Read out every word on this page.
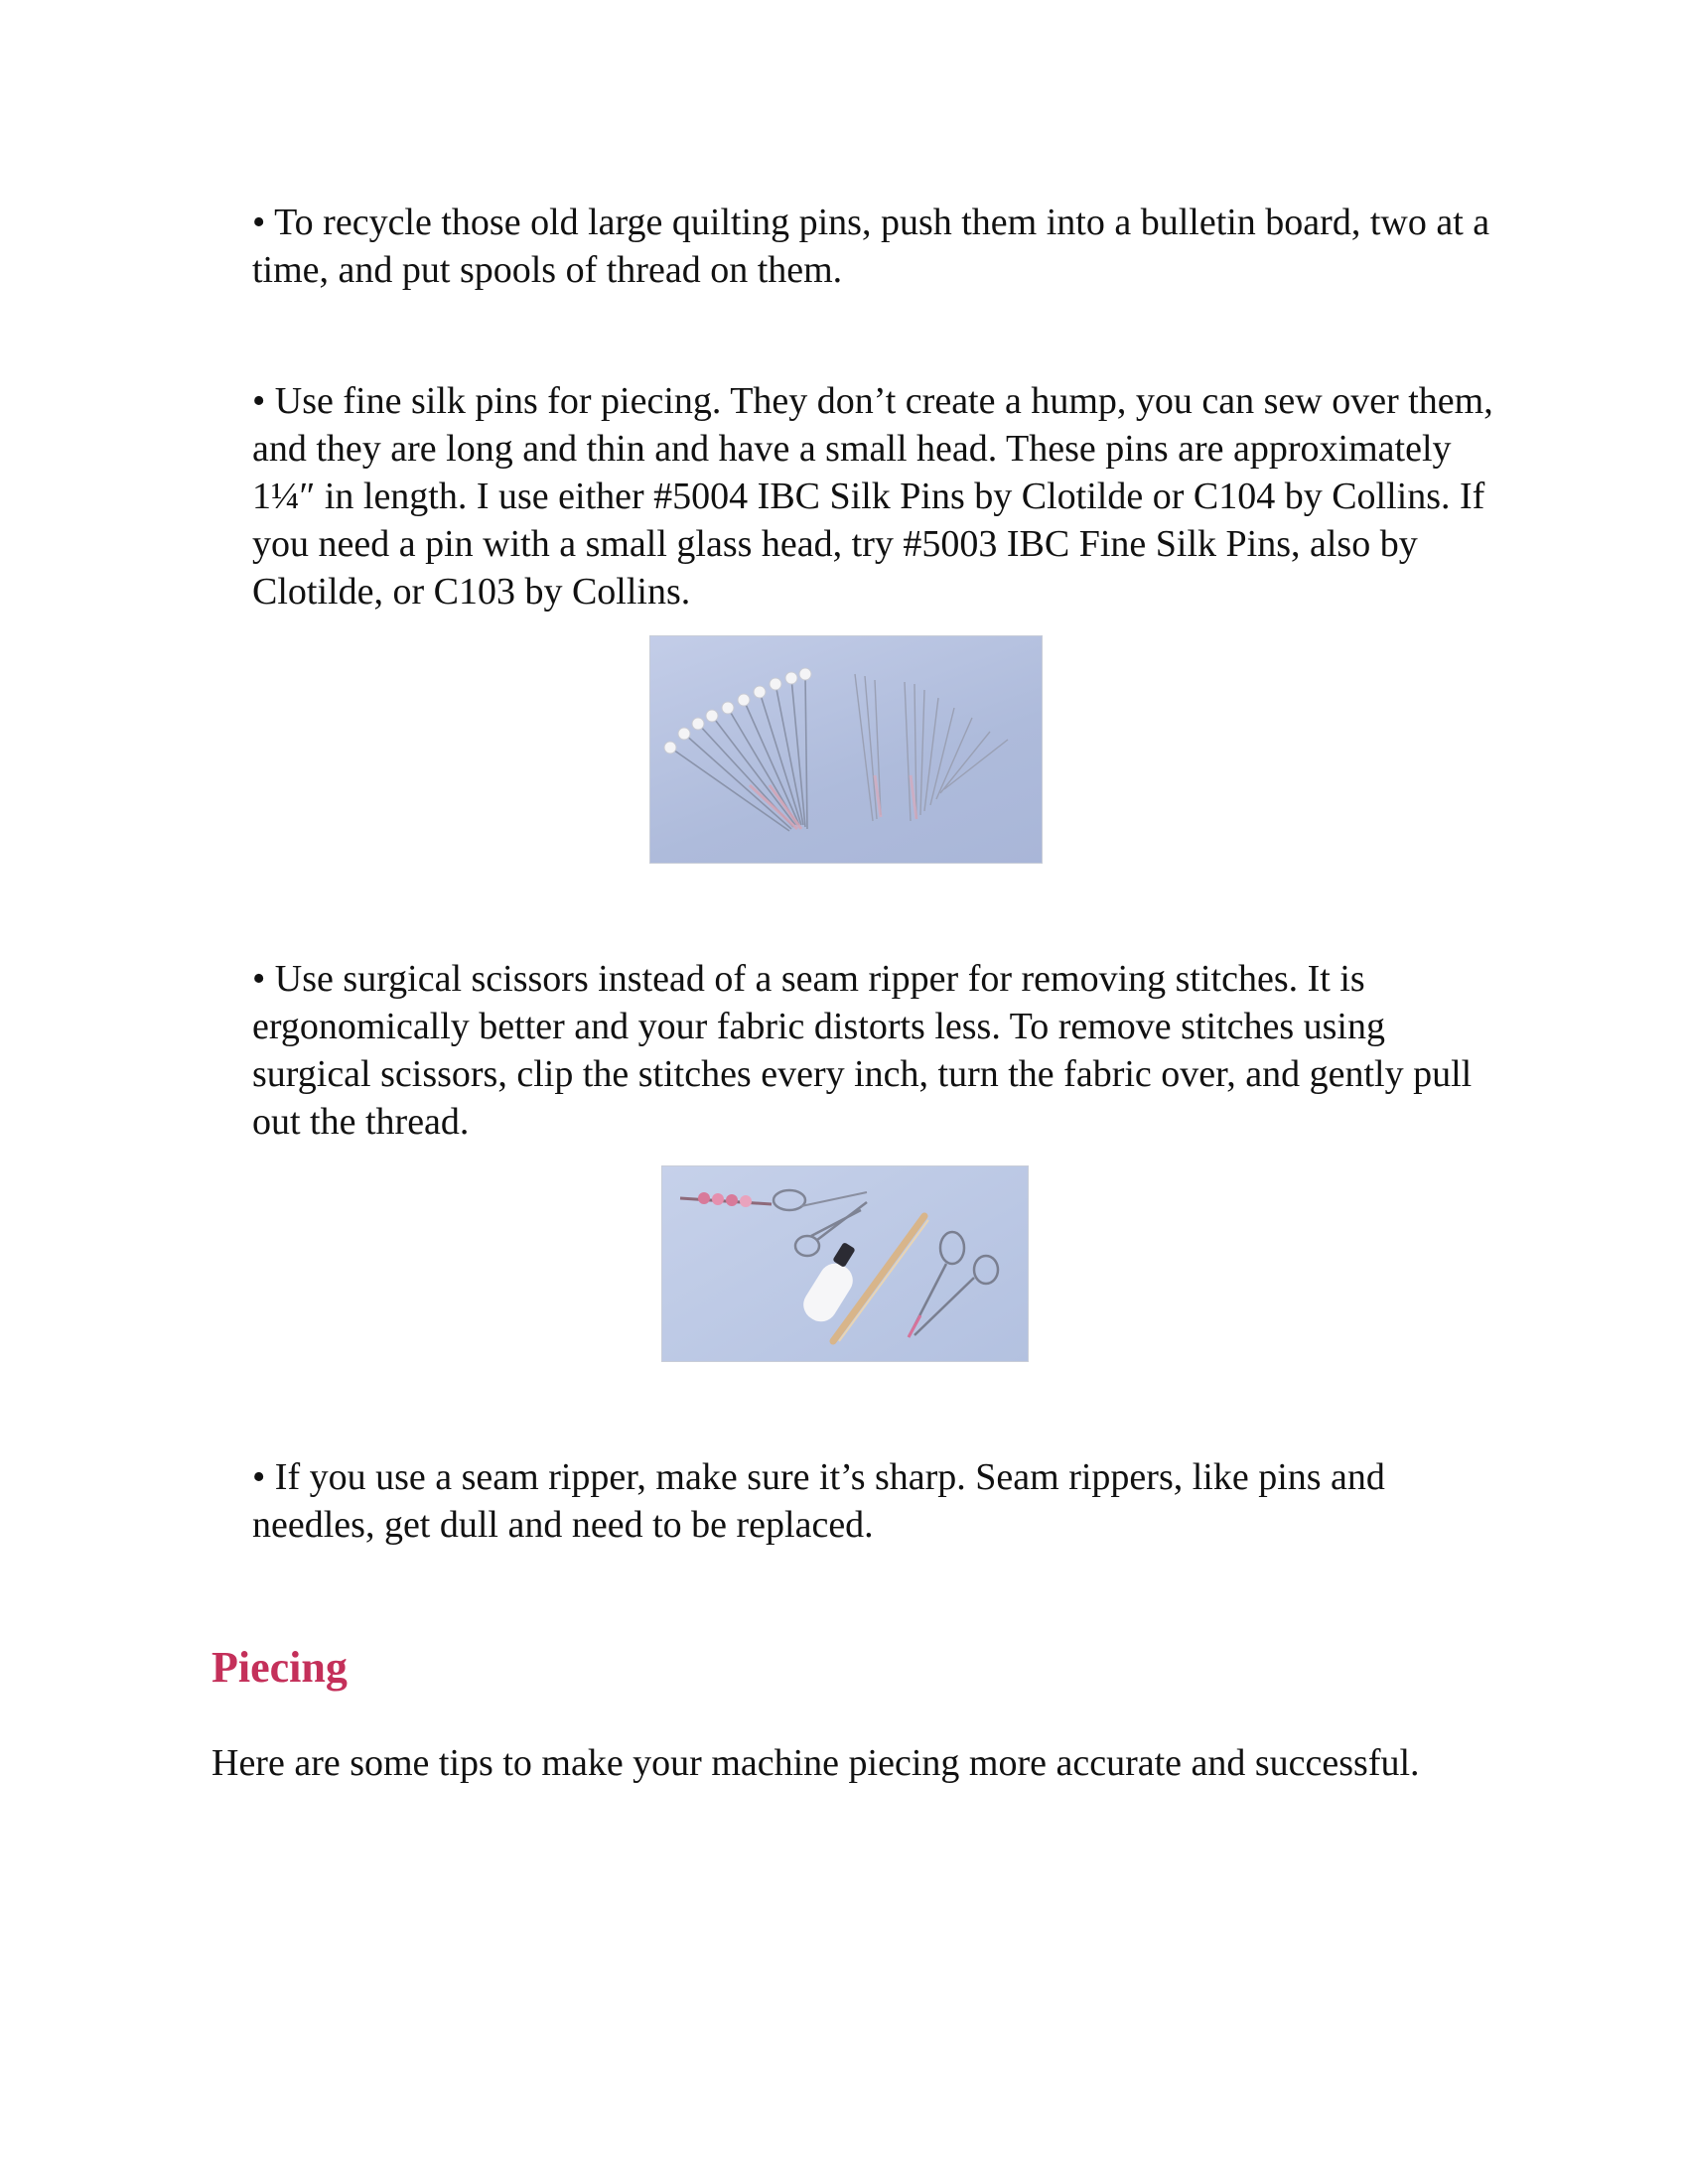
• To recycle those old large quilting pins, push them into a bulletin board, two at a time, and put spools of thread on them.

• Use fine silk pins for piecing. They don’t create a hump, you can sew over them, and they are long and thin and have a small head. These pins are approximately 1¼″ in length. I use either #5004 IBC Silk Pins by Clotilde or C104 by Collins. If you need a pin with a small glass head, try #5003 IBC Fine Silk Pins, also by Clotilde, or C103 by Collins.

• Use surgical scissors instead of a seam ripper for removing stitches. It is ergonomically better and your fabric distorts less. To remove stitches using surgical scissors, clip the stitches every inch, turn the fabric over, and gently pull out the thread.

• If you use a seam ripper, make sure it’s sharp. Seam rippers, like pins and needles, get dull and need to be replaced.

Piecing

Here are some tips to make your machine piecing more accurate and successful.
